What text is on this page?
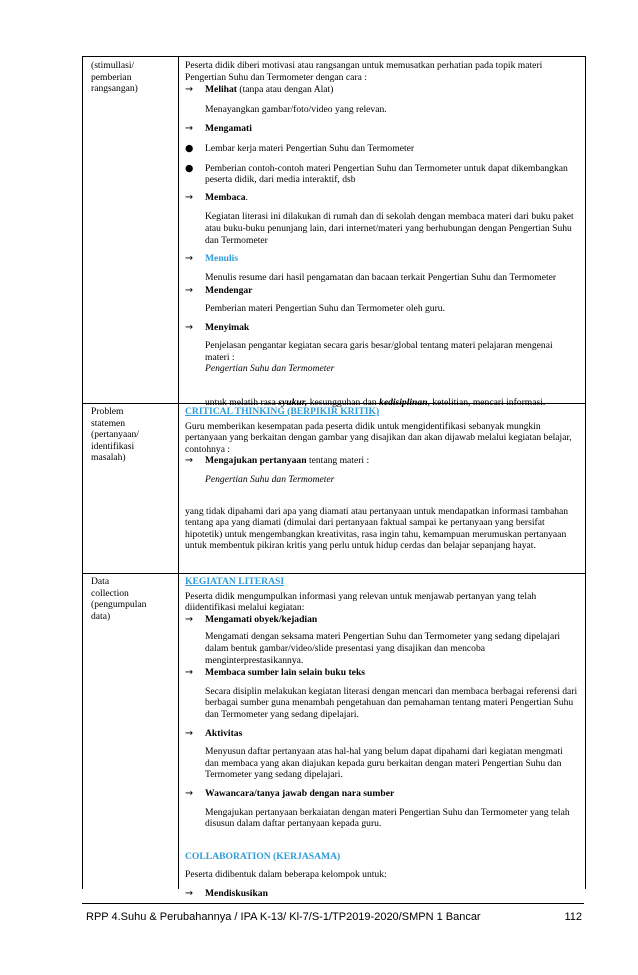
(stimullasi/
pemberian
rangsangan)

Peserta didik diberi motivasi atau rangsangan untuk memusatkan perhatian pada topik materi Pengertian Suhu dan Termometer dengan cara :

→ Melihat (tanpa atau dengan Alat)

Menayangkan gambar/foto/video yang relevan.

→ Mengamati
● Lembar kerja materi Pengertian Suhu dan Termometer
● Pemberian contoh-contoh materi Pengertian Suhu dan Termometer untuk dapat dikembangkan peserta didik, dari media interaktif, dsb
→ Membaca.

Kegiatan literasi ini dilakukan di rumah dan di sekolah dengan membaca materi dari buku paket atau buku-buku penunjang lain, dari internet/materi yang berhubungan dengan Pengertian Suhu dan Termometer

→ Menulis

Menulis resume dari hasil pengamatan dan bacaan terkait Pengertian Suhu dan Termometer

→ Mendengar

Pemberian materi Pengertian Suhu dan Termometer oleh guru.

→ Menyimak

Penjelasan pengantar kegiatan secara garis besar/global tentang materi pelajaran mengenai materi :

Pengertian Suhu dan Termometer

untuk melatih rasa syukur, kesungguhan dan kedisiplinan, ketelitian, mencari informasi.

Problem
statemen
(pertanyaan/
identifikasi
masalah)

CRITICAL THINKING (BERPIKIR KRITIK)

Guru memberikan kesempatan pada peserta didik untuk mengidentifikasi sebanyak mungkin pertanyaan yang berkaitan dengan gambar yang disajikan dan akan dijawab melalui kegiatan belajar, contohnya :

→ Mengajukan pertanyaan tentang materi :

Pengertian Suhu dan Termometer

yang tidak dipahami dari apa yang diamati atau pertanyaan untuk mendapatkan informasi tambahan tentang apa yang diamati (dimulai dari pertanyaan faktual sampai ke pertanyaan yang bersifat hipotetik) untuk mengembangkan kreativitas, rasa ingin tahu, kemampuan merumuskan pertanyaan untuk membentuk pikiran kritis yang perlu untuk hidup cerdas dan belajar sepanjang hayat.

Data
collection
(pengumpulan
data)

KEGIATAN LITERASI

Peserta didik mengumpulkan informasi yang relevan untuk menjawab pertanyan yang telah diidentifikasi melalui kegiatan:

→ Mengamati obyek/kejadian

Mengamati dengan seksama materi Pengertian Suhu dan Termometer yang sedang dipelajari dalam bentuk gambar/video/slide presentasi yang disajikan dan mencoba menginterprestasikannya.

→ Membaca sumber lain selain buku teks

Secara disiplin melakukan kegiatan literasi dengan mencari dan membaca berbagai referensi dari berbagai sumber guna menambah pengetahuan dan pemahaman tentang materi Pengertian Suhu dan Termometer yang sedang dipelajari.

→ Aktivitas

Menyusun daftar pertanyaan atas hal-hal yang belum dapat dipahami dari kegiatan mengmati dan membaca yang akan diajukan kepada guru berkaitan dengan materi Pengertian Suhu dan Termometer yang sedang dipelajari.

→ Wawancara/tanya jawab dengan nara sumber

Mengajukan pertanyaan berkaiatan dengan materi Pengertian Suhu dan Termometer yang telah disusun dalam daftar pertanyaan kepada guru.

COLLABORATION (KERJASAMA)

Peserta didibentuk dalam beberapa kelompok untuk:

→ Mendiskusikan
RPP 4.Suhu & Perubahannya / IPA K-13/ Kl-7/S-1/TP2019-2020/SMPN 1 Bancar	112
